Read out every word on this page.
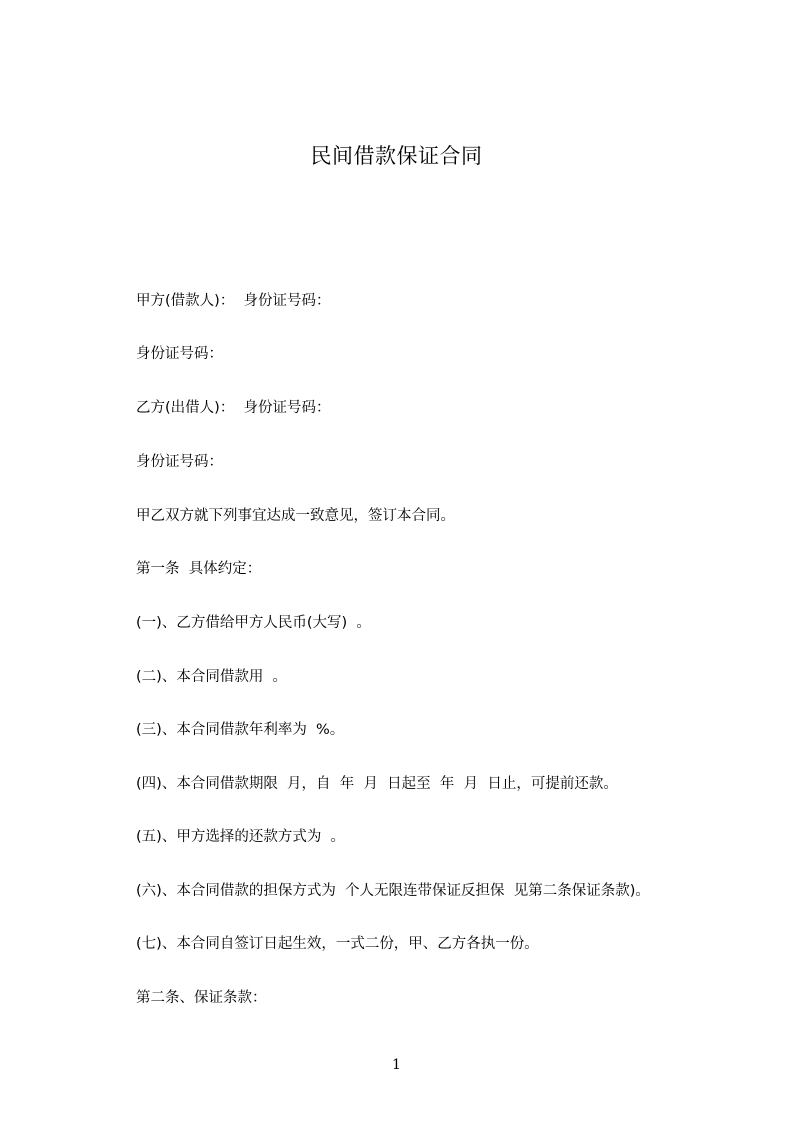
民间借款保证合同
甲方(借款人)：  身份证号码：
身份证号码：
乙方(出借人)：  身份证号码：
身份证号码：
甲乙双方就下列事宜达成一致意见，签订本合同。
第一条  具体约定：
(一)、乙方借给甲方人民币(大写)  。
(二)、本合同借款用  。
(三)、本合同借款年利率为  %。
(四)、本合同借款期限  月，自  年  月  日起至  年  月  日止，可提前还款。
(五)、甲方选择的还款方式为  。
(六)、本合同借款的担保方式为  个人无限连带保证反担保  见第二条保证条款)。
(七)、本合同自签订日起生效，一式二份，甲、乙方各执一份。
第二条、保证条款：
1
